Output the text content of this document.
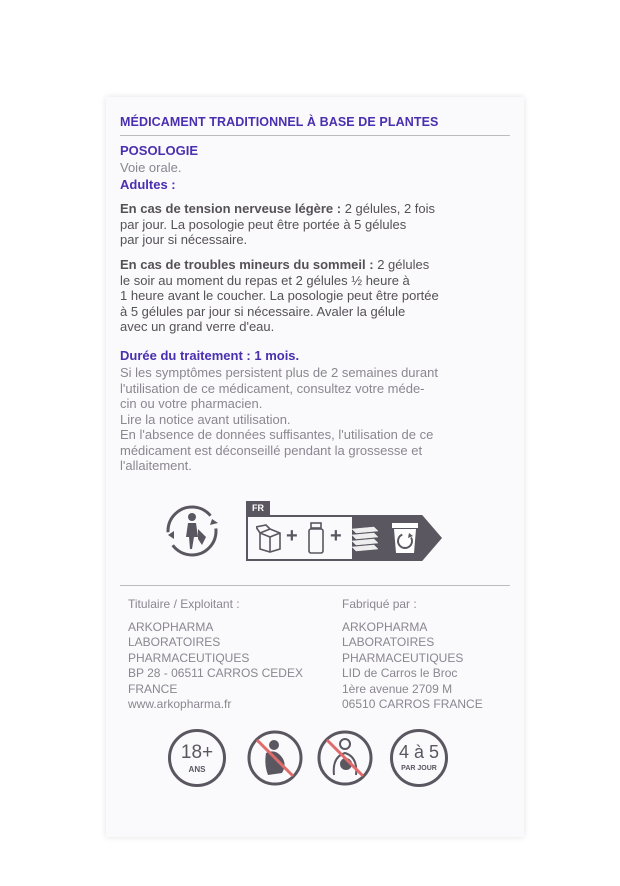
MÉDICAMENT TRADITIONNEL À BASE DE PLANTES
POSOLOGIE
Voie orale.
Adultes :
En cas de tension nerveuse légère : 2 gélules, 2 fois
par jour. La posologie peut être portée à 5 gélules
par jour si nécessaire.
En cas de troubles mineurs du sommeil : 2 gélules
le soir au moment du repas et 2 gélules ½ heure à
1 heure avant le coucher. La posologie peut être portée
à 5 gélules par jour si nécessaire. Avaler la gélule
avec un grand verre d'eau.
Durée du traitement : 1 mois.
Si les symptômes persistent plus de 2 semaines durant
l'utilisation de ce médicament, consultez votre méde-
cin ou votre pharmacien.
Lire la notice avant utilisation.
En l'absence de données suffisantes, l'utilisation de ce
médicament est déconseillé pendant la grossesse et
l'allaitement.
FR
+ +
Titulaire / Exploitant :
ARKOPHARMA
LABORATOIRES
PHARMACEUTIQUES
BP 28 - 06511 CARROS CEDEX
FRANCE
www.arkopharma.fr
Fabriqué par :
ARKOPHARMA
LABORATOIRES
PHARMACEUTIQUES
LID de Carros le Broc
1ère avenue 2709 M
06510 CARROS FRANCE
18+
ANS
4 à 5
PAR JOUR
